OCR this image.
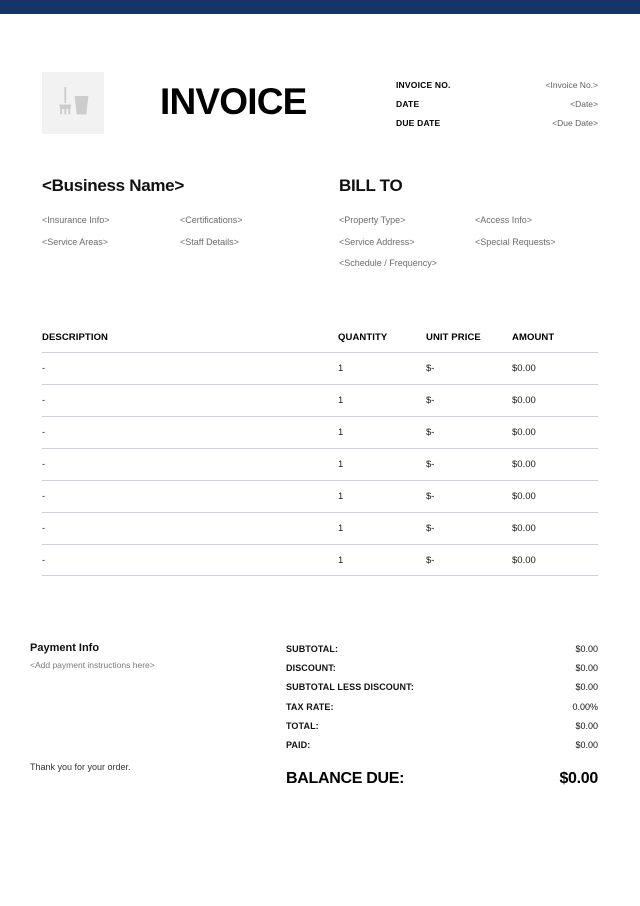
INVOICE	INVOICE NO.	<Invoice No.>
DATE	<Date>
DUE DATE	<Due Date>
<Business Name>
<Insurance Info>
<Service Areas>
<Certifications>
<Staff Details>
BILL TO
<Property Type>
<Service Address>
<Schedule / Frequency>
<Access Info>
<Special Requests>
DESCRIPTION	QUANTITY	UNIT PRICE	AMOUNT
-	1	$-	$0.00
-	1	$-	$0.00
-	1	$-	$0.00
-	1	$-	$0.00
-	1	$-	$0.00
-	1	$-	$0.00
-	1	$-	$0.00
Payment Info
<Add payment instructions here>
Thank you for your order.
SUBTOTAL:	$0.00
DISCOUNT:	$0.00
SUBTOTAL LESS DISCOUNT:	$0.00
TAX RATE:	0.00%
TOTAL:	$0.00
PAID:	$0.00
BALANCE DUE:	$0.00
